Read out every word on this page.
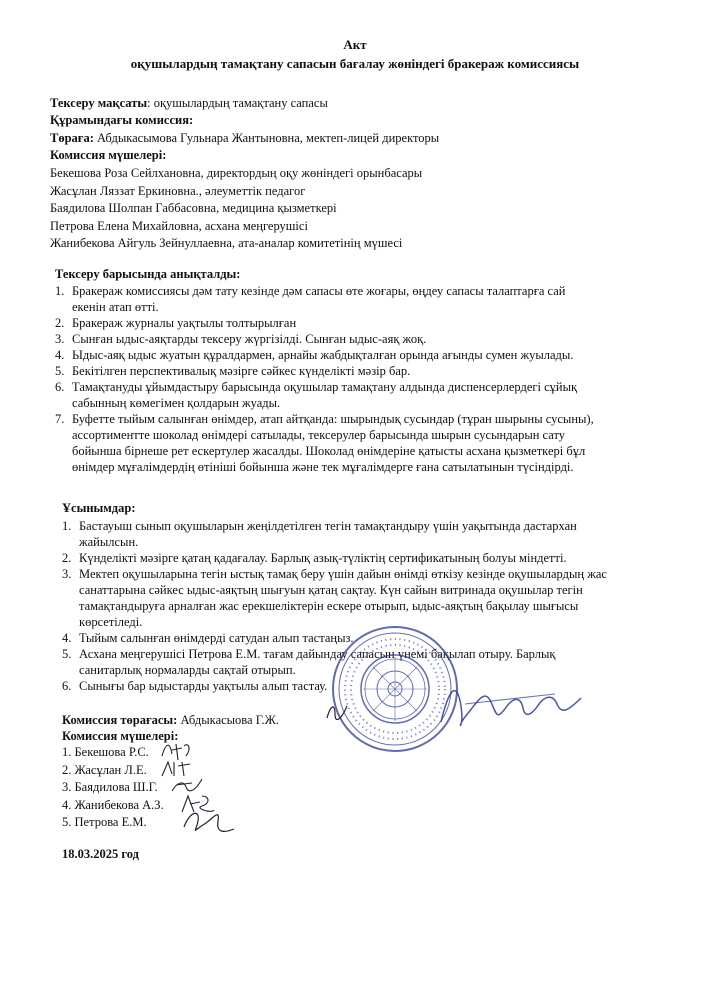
Акт
оқушылардың тамақтану сапасын бағалау жөніндегі бракераж комиссиясы
Тексеру мақсаты: оқушылардың тамақтану сапасы
Құрамындағы комиссия:
Төраға: Абдыкасымова Гульнара Жантыновна, мектеп-лицей директоры
Комиссия мүшелері:
Бекешова Роза Сейлхановна, директордың оқу жөніндегі орынбасары
Жасұлан Ляззат Еркиновна., әлеуметтік педагог
Баядилова Шолпан Габбасовна, медицина қызметкері
Петрова Елена Михайловна, асхана меңгерушісі
Жанибекова Айгуль Зейнуллаевна, ата-аналар комитетінің мүшесі
Тексеру барысында анықталды:
1. Бракераж комиссиясы дәм тату кезінде дәм сапасы өте жоғары, өңдеу сапасы талаптарға сай
екенін атап өтті.
2. Бракераж журналы уақтылы толтырылған
3. Сынған ыдыс-аяқтарды тексеру жүргізілді. Сынған ыдыс-аяқ жоқ.
4. Ыдыс-аяқ ыдыс жуатын құралдармен, арнайы жабдықталған орында ағынды сумен жуылады.
5. Бекітілген перспективалық мәзірге сәйкес күнделікті мәзір бар.
6. Тамақтануды ұйымдастыру барысында оқушылар тамақтану алдында диспенсерлердегі сұйық
сабынның көмегімен қолдарын жуады.
7. Буфетте тыйым салынған өнімдер, атап айтқанда: шырындық сусындар (тұран шырыны сусыны),
ассортиментте шоколад өнімдері сатылады, тексерулер барысында шырын сусындарын сату
бойынша бірнеше рет ескертулер жасалды. Шоколад өнімдеріне қатысты асхана қызметкері бұл
өнімдер мұғалімдердің өтініші бойынша және тек мұғалімдерге ғана сатылатынын түсіндірді.
Ұсынымдар:
1. Бастауыш сынып оқушыларын жеңілдетілген тегін тамақтандыру үшін уақытында дастархан
жайылсын.
2. Күнделікті мәзірге қатаң қадағалау. Барлық азық-түліктің сертификатының болуы міндетті.
3. Мектеп оқушыларына тегін ыстық тамақ беру үшін дайын өнімді өткізу кезінде оқушылардың жас
санаттарына сәйкес ыдыс-аяқтың шығуын қатаң сақтау. Күн сайын витринада оқушылар тегін
тамақтандыруға арналған жас ерекшеліктерін ескере отырып, ыдыс-аяқтың бақылау шығысы
көрсетіледі.
4. Тыйым салынған өнімдерді сатудан алып тастаңыз.
5. Асхана меңгерушісі Петрова Е.М. тағам дайындау сапасын үнемі бақылап отыру. Барлық
санитарлық нормаларды сақтай отырып.
6. Сынығы бар ыдыстарды уақтылы алып тастау.
Комиссия төрағасы: Абдыкасыова Г.Ж.
Комиссия мүшелері:
1. Бекешова Р.С.
2. Жасұлан Л.Е.
3. Баядилова Ш.Г.
4. Жанибекова А.З.
5. Петрова Е.М.
18.03.2025 год
